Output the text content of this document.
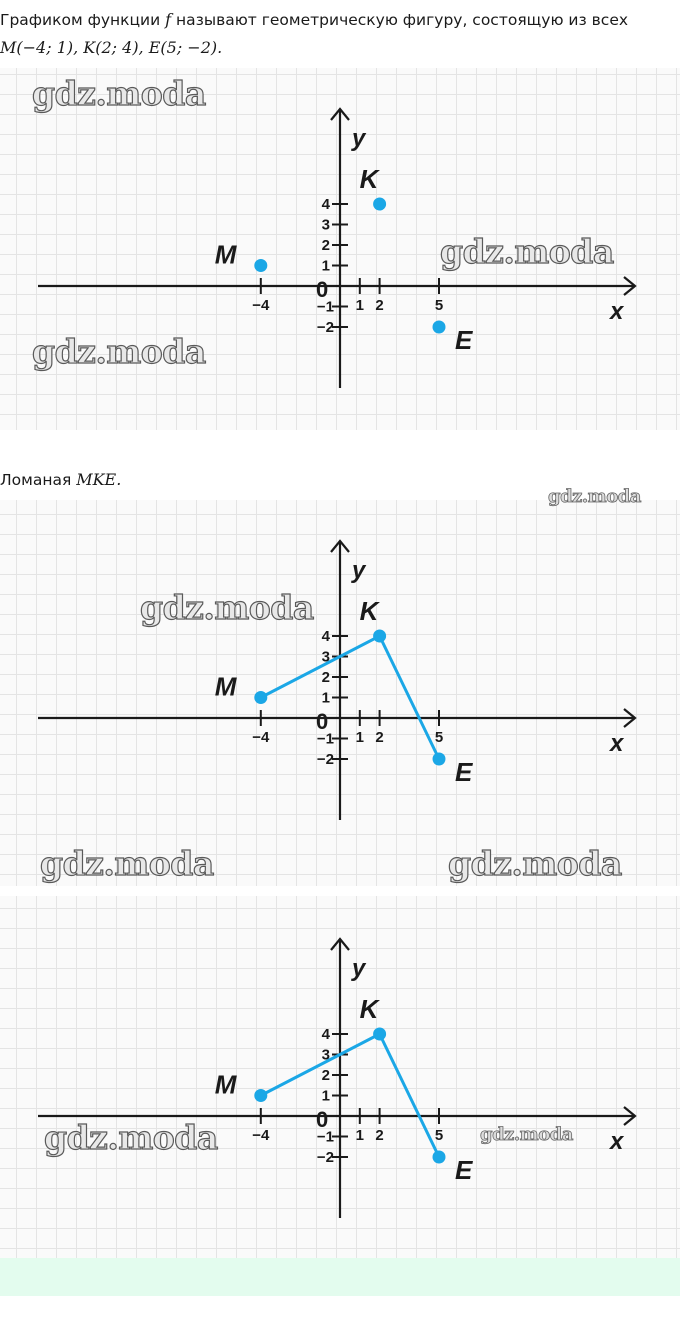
Графиком функции f называют геометрическую фигуру, состоящую из всех
M(−4; 1), K(2; 4), E(5; −2).

x
y
0
−4	1 2	5
1
2
3
4
−1
−2
M
K
E
gdz.moda
gdz.moda
gdz.moda

Ломаная MKE.

x
y
0
−4	1 2	5
1
2
3
4
−1
−2
M
K
E
gdz.moda
gdz.moda
gdz.moda	gdz.moda
x
y
0
−4	1 2	5
1
2
3
4
−1
−2
M
K
E
gdz.moda	gdz.moda
